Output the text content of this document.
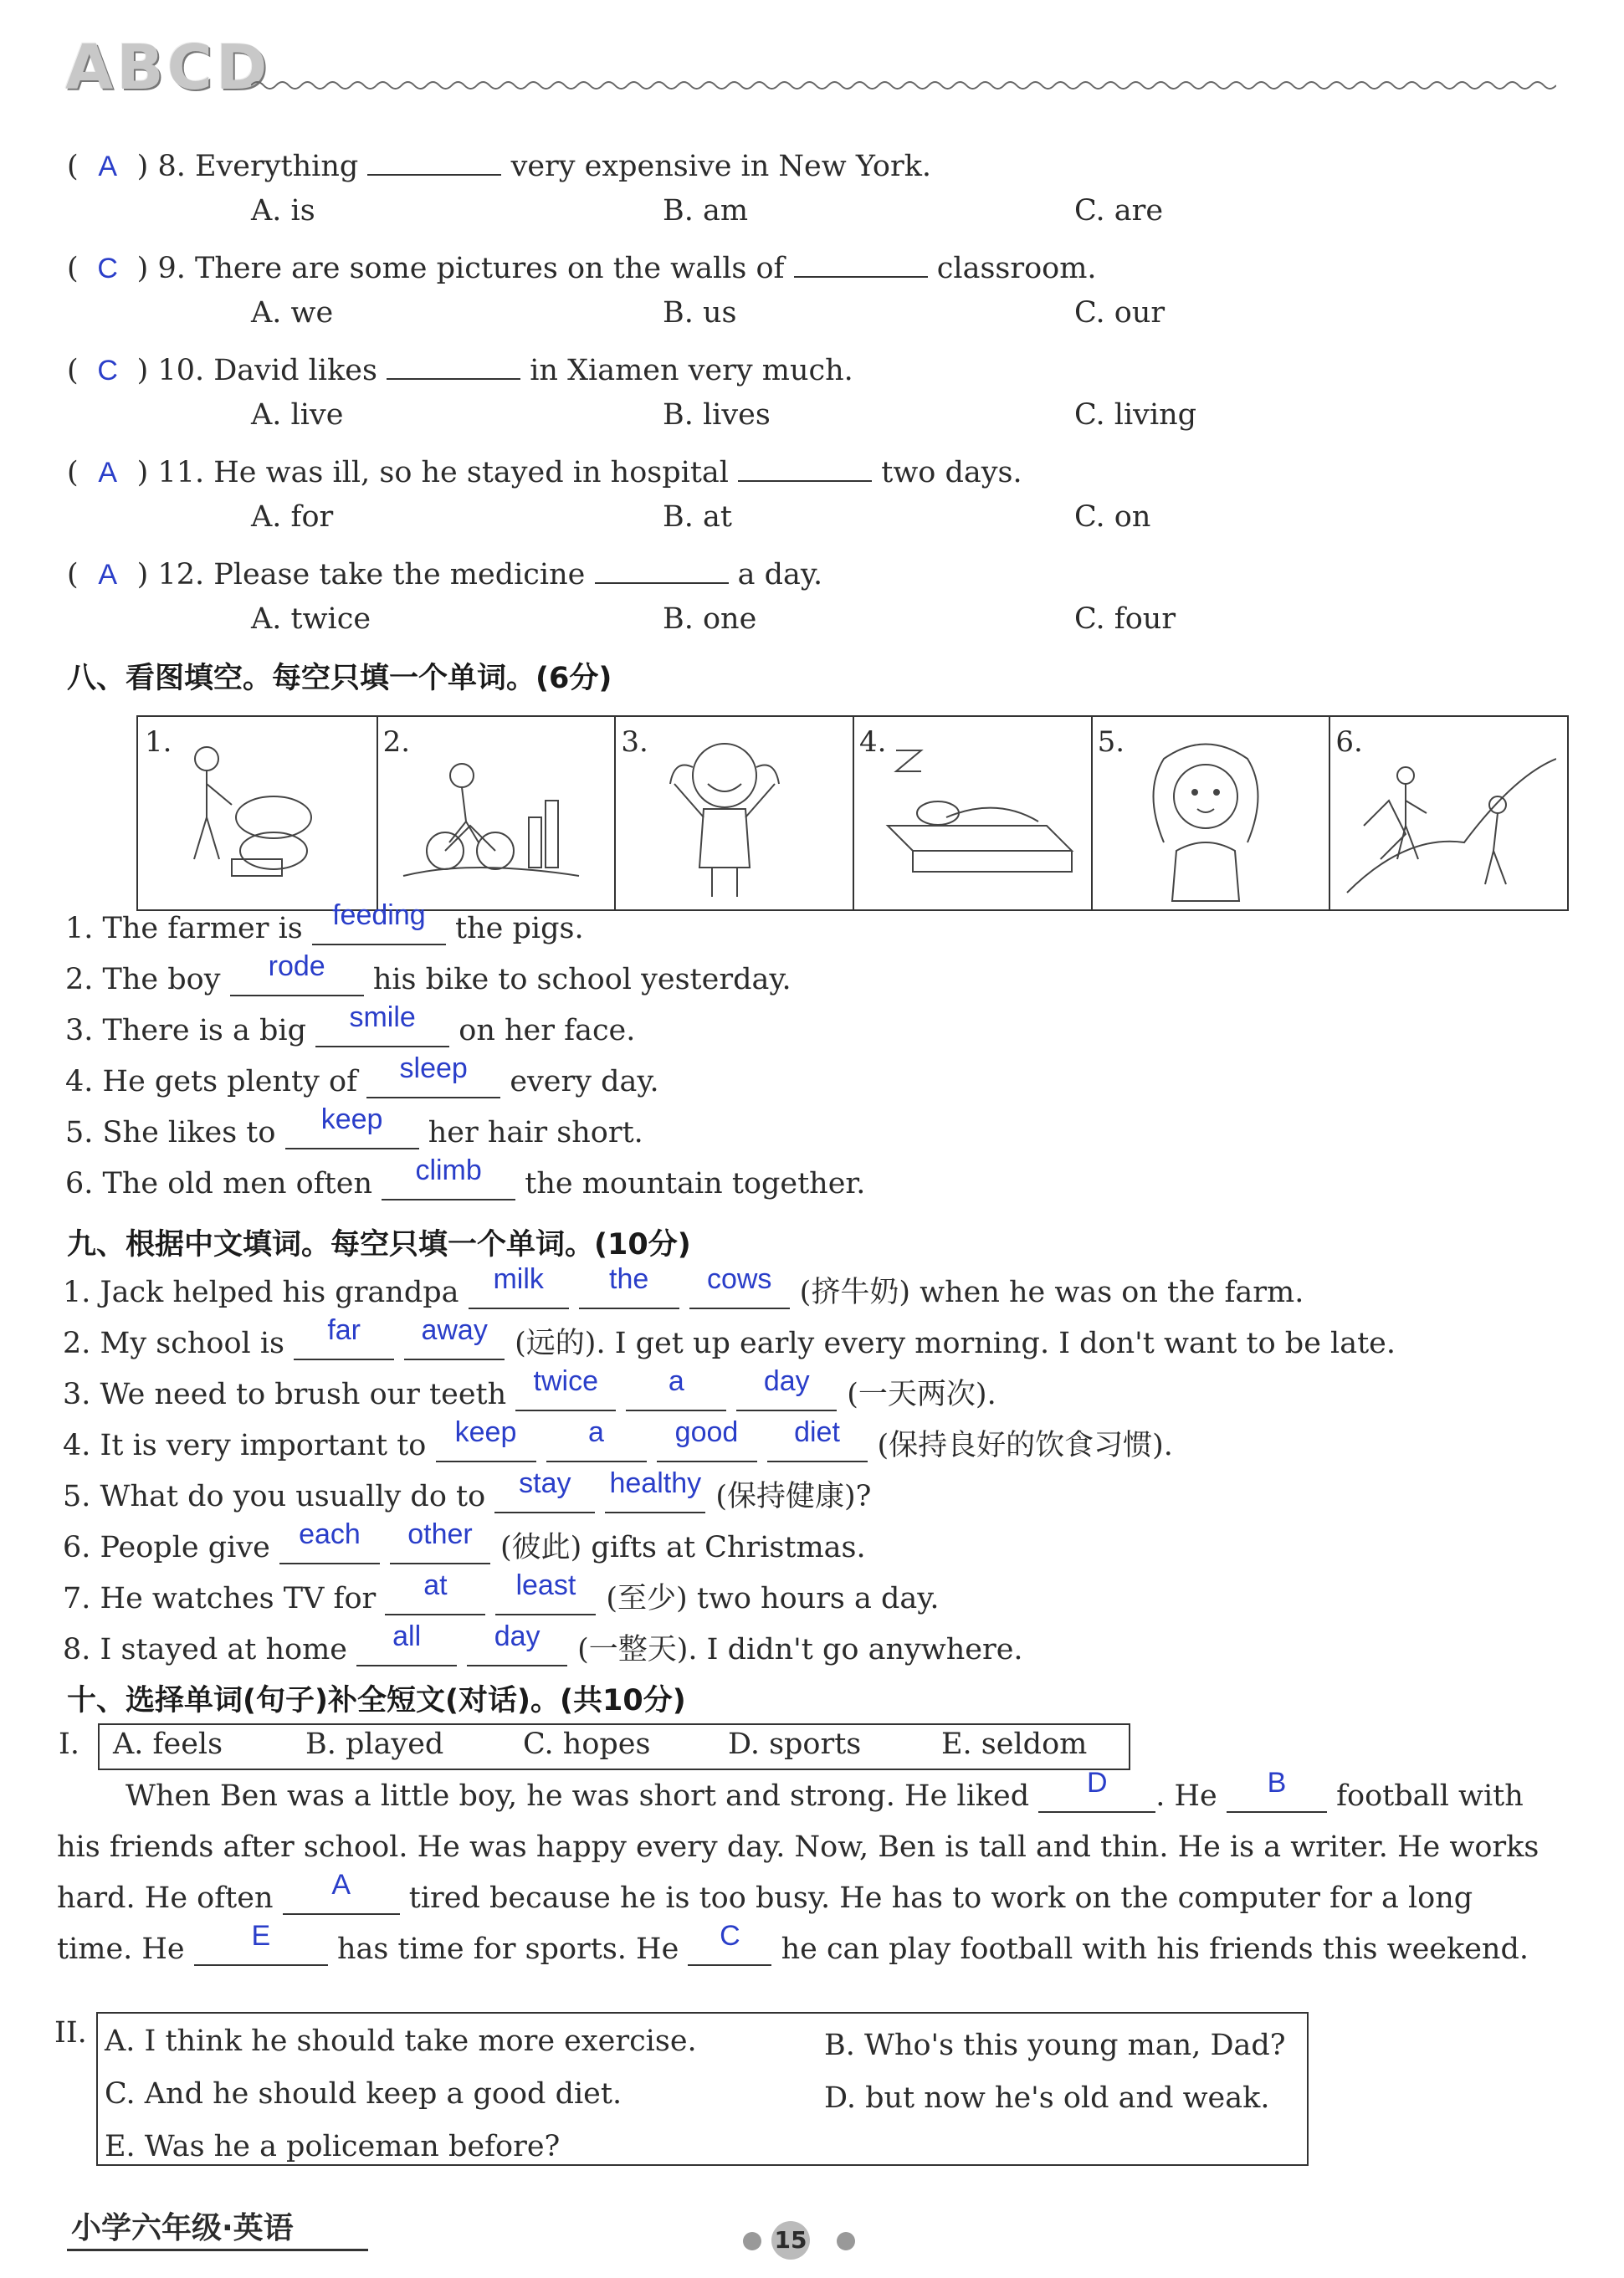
ABCD
( A ) 8. Everything	very expensive in New York.
A. is	B. am	C. are
( C ) 9. There are some pictures on the walls of	classroom.
A. we	B. us	C. our
( C ) 10. David likes	in Xiamen very much.
A. live	B. lives	C. living
( A ) 11. He was ill, so he stayed in hospital	two days.
A. for	B. at	C. on
( A ) 12. Please take the medicine	a day.
A. twice	B. one	C. four
八、看图填空。每空只填一个单词。(6分)
1.	2.	3.	4.	5.	6.
1. The farmer is feeding the pigs.
2. The boy rode his bike to school yesterday.
3. There is a big smile on her face.
4. He gets plenty of sleep every day.
5. She likes to keep her hair short.
6. The old men often climb the mountain together.
九、根据中文填词。每空只填一个单词。(10分)
1. Jack helped his grandpa milk the cows (挤牛奶) when he was on the farm.
2. My school is far away (远的). I get up early every morning. I don't want to be late.
3. We need to brush our teeth twice a	day (一天两次).
4. It is very important to keep	a good diet (保持良好的饮食习惯).
5. What do you usually do to stay healthy (保持健康)?
6. People give each other (彼此) gifts at Christmas.
7. He watches TV for at least (至少) two hours a day.
8. I stayed at home all	day (一整天). I didn't go anywhere.
十、选择单词(句子)补全短文(对话)。(共10分)
I. A. feels	B. played	C. hopes	D. sports	E. seldom
When Ben was a little boy, he was short and strong. He liked D . He B football with
his friends after school. He was happy every day. Now, Ben is tall and thin. He is a writer. He works
hard. He often A tired because he is too busy. He has to work on the computer for a long
time. He E has time for sports. He C he can play football with his friends this weekend.
II. A. I think he should take more exercise.	B. Who's this young man, Dad?
C. And he should keep a good diet.	D. but now he's old and weak.
E. Was he a policeman before?
小学六年级·英语	15
